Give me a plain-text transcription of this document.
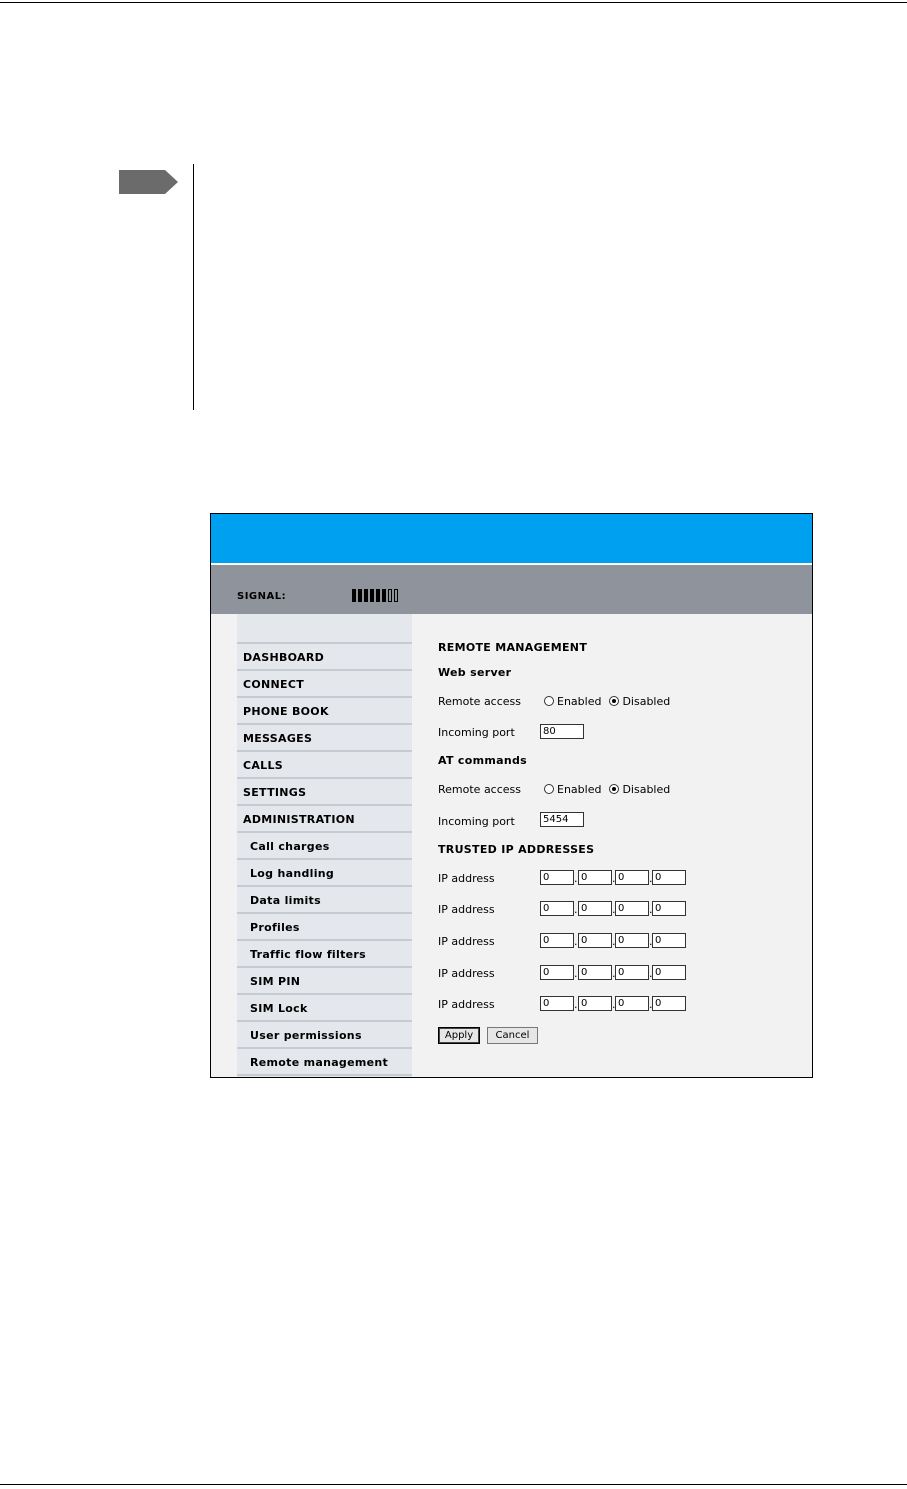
SIGNAL:
DASHBOARD
CONNECT
PHONE BOOK
MESSAGES
CALLS
SETTINGS
ADMINISTRATION
Call charges
Log handling
Data limits
Profiles
Traffic flow filters
SIM PIN
SIM Lock
User permissions
Remote management
REMOTE MANAGEMENT
Web server
Remote access	Enabled Disabled
Incoming port	80
AT commands
Remote access	Enabled Disabled
Incoming port	5454
TRUSTED IP ADDRESSES
IP address	0	. 0	. 0	. 0
IP address	0	. 0	. 0	. 0
IP address	0	. 0	. 0	. 0
IP address	0	. 0	. 0	. 0
IP address	0	. 0	. 0	. 0
Apply	Cancel
